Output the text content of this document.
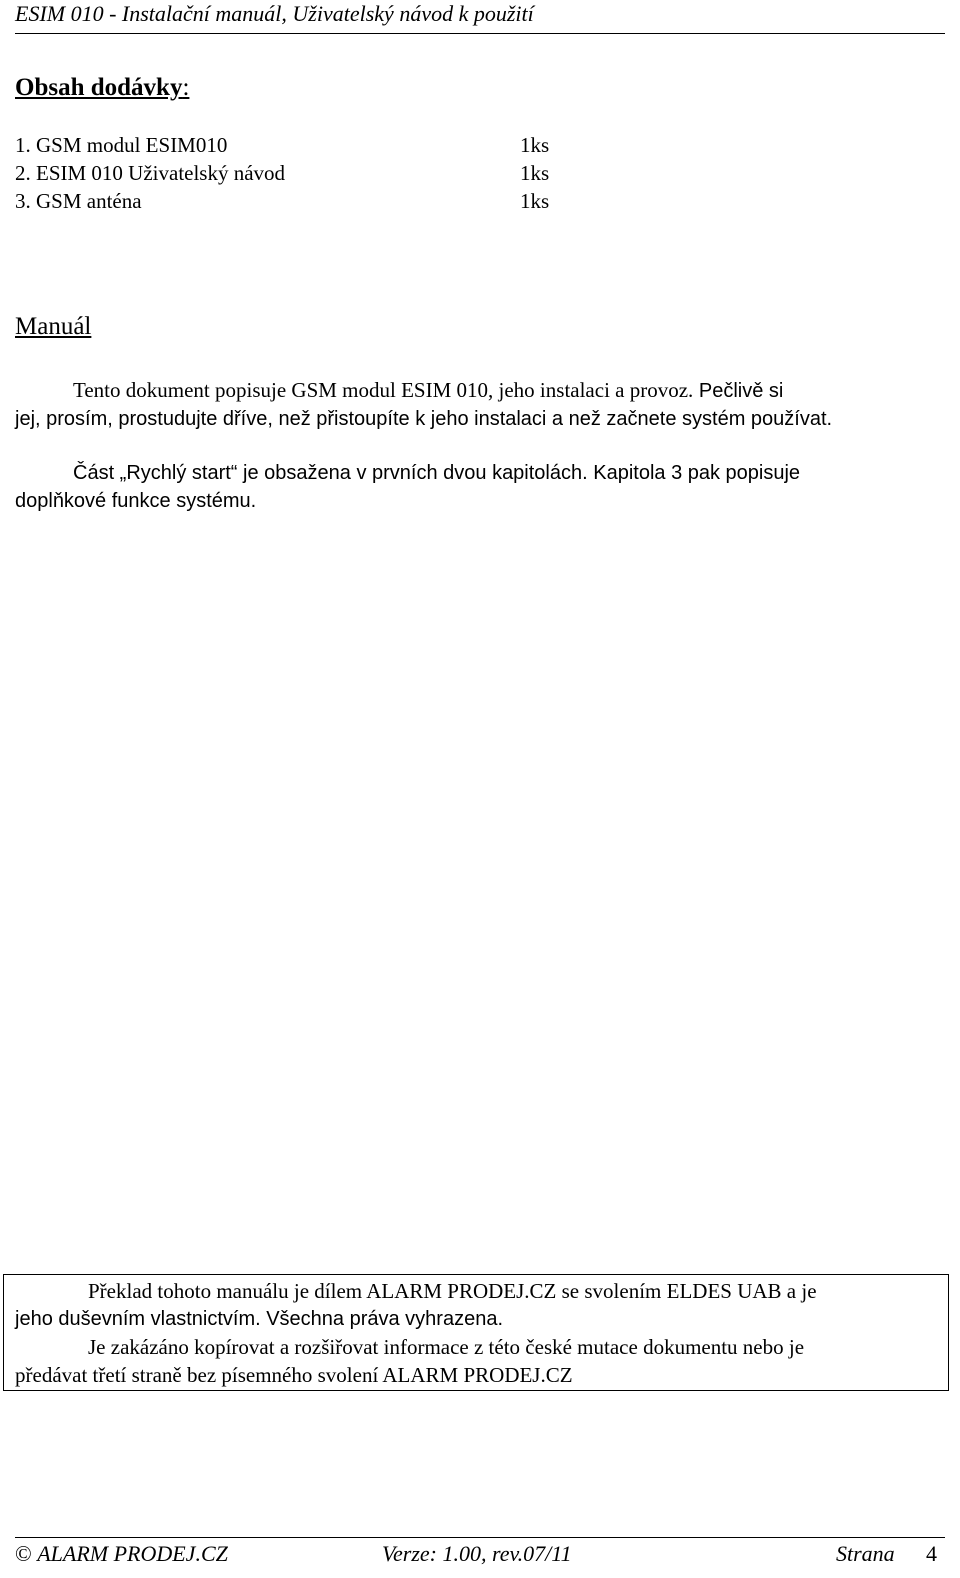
ESIM 010 - Instalační manuál, Uživatelský návod k použití
Obsah dodávky:
1. GSM modul ESIM010	1ks
2. ESIM 010 Uživatelský návod	1ks
3. GSM anténa	1ks
Manuál
Tento dokument popisuje GSM modul ESIM 010, jeho instalaci a provoz. Pečlivě si
jej, prosím, prostudujte dříve, než přistoupíte k jeho instalaci a než začnete systém používat.
Část „Rychlý start“ je obsažena v prvních dvou kapitolách. Kapitola 3 pak popisuje
doplňkové funkce systému.
Překlad tohoto manuálu je dílem ALARM PRODEJ.CZ se svolením ELDES UAB a je
jeho duševním vlastnictvím. Všechna práva vyhrazena.
Je zakázáno kopírovat a rozšiřovat informace z této české mutace dokumentu nebo je
předávat třetí straně bez písemného svolení ALARM PRODEJ.CZ
© ALARM PRODEJ.CZ	Verze: 1.00, rev.07/11	Strana 4
